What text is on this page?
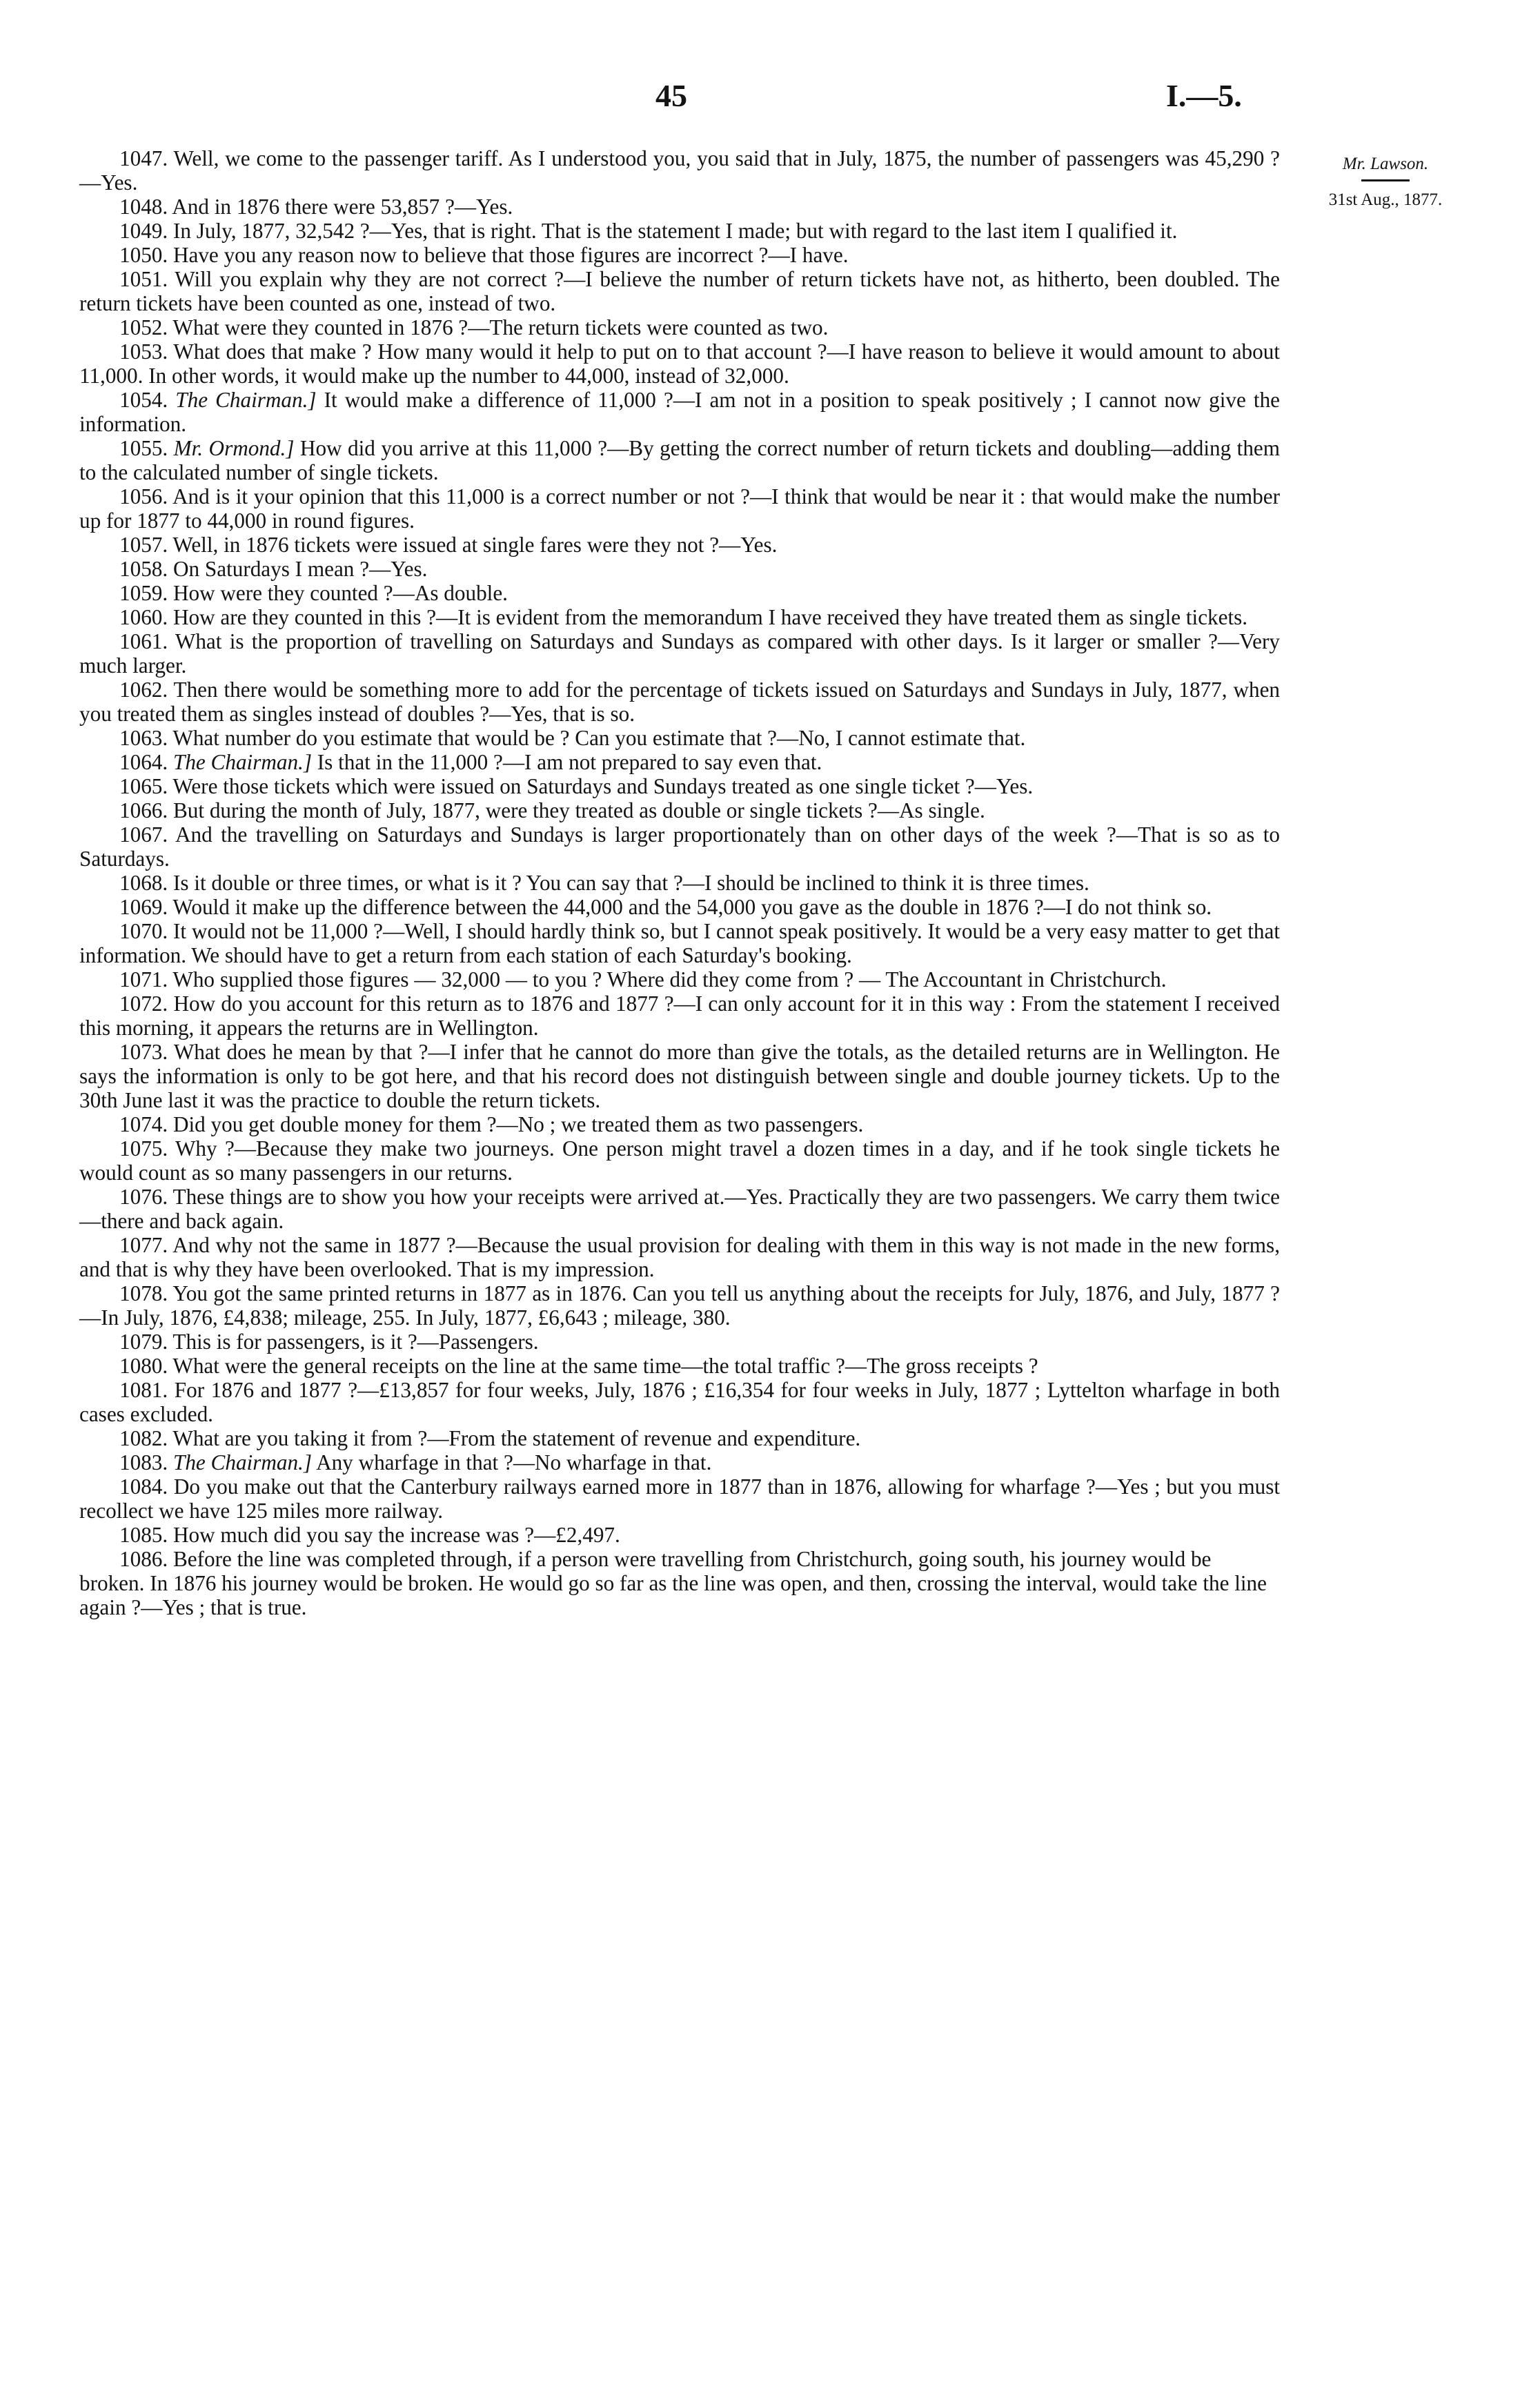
45	I.—5.
Mr. Lawson.
31st Aug., 1877.

1047. Well, we come to the passenger tariff. As I understood you, you said that in July, 1875, the number of passengers was 45,290 ?—Yes.

1048. And in 1876 there were 53,857 ?—Yes.

1049. In July, 1877, 32,542 ?—Yes, that is right. That is the statement I made; but with regard to the last item I qualified it.

1050. Have you any reason now to believe that those figures are incorrect ?—I have.

1051. Will you explain why they are not correct ?—I believe the number of return tickets have not, as hitherto, been doubled. The return tickets have been counted as one, instead of two.

1052. What were they counted in 1876 ?—The return tickets were counted as two.

1053. What does that make ? How many would it help to put on to that account ?—I have reason to believe it would amount to about 11,000. In other words, it would make up the number to 44,000, instead of 32,000.

1054. The Chairman.] It would make a difference of 11,000 ?—I am not in a position to speak positively ; I cannot now give the information.

1055. Mr. Ormond.] How did you arrive at this 11,000 ?—By getting the correct number of return tickets and doubling—adding them to the calculated number of single tickets.

1056. And is it your opinion that this 11,000 is a correct number or not ?—I think that would be near it : that would make the number up for 1877 to 44,000 in round figures.

1057. Well, in 1876 tickets were issued at single fares were they not ?—Yes.

1058. On Saturdays I mean ?—Yes.

1059. How were they counted ?—As double.

1060. How are they counted in this ?—It is evident from the memorandum I have received they have treated them as single tickets.

1061. What is the proportion of travelling on Saturdays and Sundays as compared with other days. Is it larger or smaller ?—Very much larger.

1062. Then there would be something more to add for the percentage of tickets issued on Saturdays and Sundays in July, 1877, when you treated them as singles instead of doubles ?—Yes, that is so.

1063. What number do you estimate that would be ? Can you estimate that ?—No, I cannot estimate that.

1064. The Chairman.] Is that in the 11,000 ?—I am not prepared to say even that.

1065. Were those tickets which were issued on Saturdays and Sundays treated as one single ticket ?—Yes.

1066. But during the month of July, 1877, were they treated as double or single tickets ?—As single.

1067. And the travelling on Saturdays and Sundays is larger proportionately than on other days of the week ?—That is so as to Saturdays.

1068. Is it double or three times, or what is it ? You can say that ?—I should be inclined to think it is three times.

1069. Would it make up the difference between the 44,000 and the 54,000 you gave as the double in 1876 ?—I do not think so.

1070. It would not be 11,000 ?—Well, I should hardly think so, but I cannot speak positively. It would be a very easy matter to get that information. We should have to get a return from each station of each Saturday's booking.

1071. Who supplied those figures — 32,000 — to you ? Where did they come from ? — The Accountant in Christchurch.

1072. How do you account for this return as to 1876 and 1877 ?—I can only account for it in this way : From the statement I received this morning, it appears the returns are in Wellington.

1073. What does he mean by that ?—I infer that he cannot do more than give the totals, as the detailed returns are in Wellington. He says the information is only to be got here, and that his record does not distinguish between single and double journey tickets. Up to the 30th June last it was the practice to double the return tickets.

1074. Did you get double money for them ?—No ; we treated them as two passengers.

1075. Why ?—Because they make two journeys. One person might travel a dozen times in a day, and if he took single tickets he would count as so many passengers in our returns.

1076. These things are to show you how your receipts were arrived at.—Yes. Practically they are two passengers. We carry them twice—there and back again.

1077. And why not the same in 1877 ?—Because the usual provision for dealing with them in this way is not made in the new forms, and that is why they have been overlooked. That is my impression.

1078. You got the same printed returns in 1877 as in 1876. Can you tell us anything about the receipts for July, 1876, and July, 1877 ?—In July, 1876, £4,838; mileage, 255. In July, 1877, £6,643 ; mileage, 380.

1079. This is for passengers, is it ?—Passengers.

1080. What were the general receipts on the line at the same time—the total traffic ?—The gross receipts ?

1081. For 1876 and 1877 ?—£13,857 for four weeks, July, 1876 ; £16,354 for four weeks in July, 1877 ; Lyttelton wharfage in both cases excluded.

1082. What are you taking it from ?—From the statement of revenue and expenditure.

1083. The Chairman.] Any wharfage in that ?—No wharfage in that.

1084. Do you make out that the Canterbury railways earned more in 1877 than in 1876, allowing for wharfage ?—Yes ; but you must recollect we have 125 miles more railway.

1085. How much did you say the increase was ?—£2,497.

1086. Before the line was completed through, if a person were travelling from Christchurch, going south, his journey would be broken. In 1876 his journey would be broken. He would go so far as the line was open, and then, crossing the interval, would take the line again ?—Yes ; that is true.
